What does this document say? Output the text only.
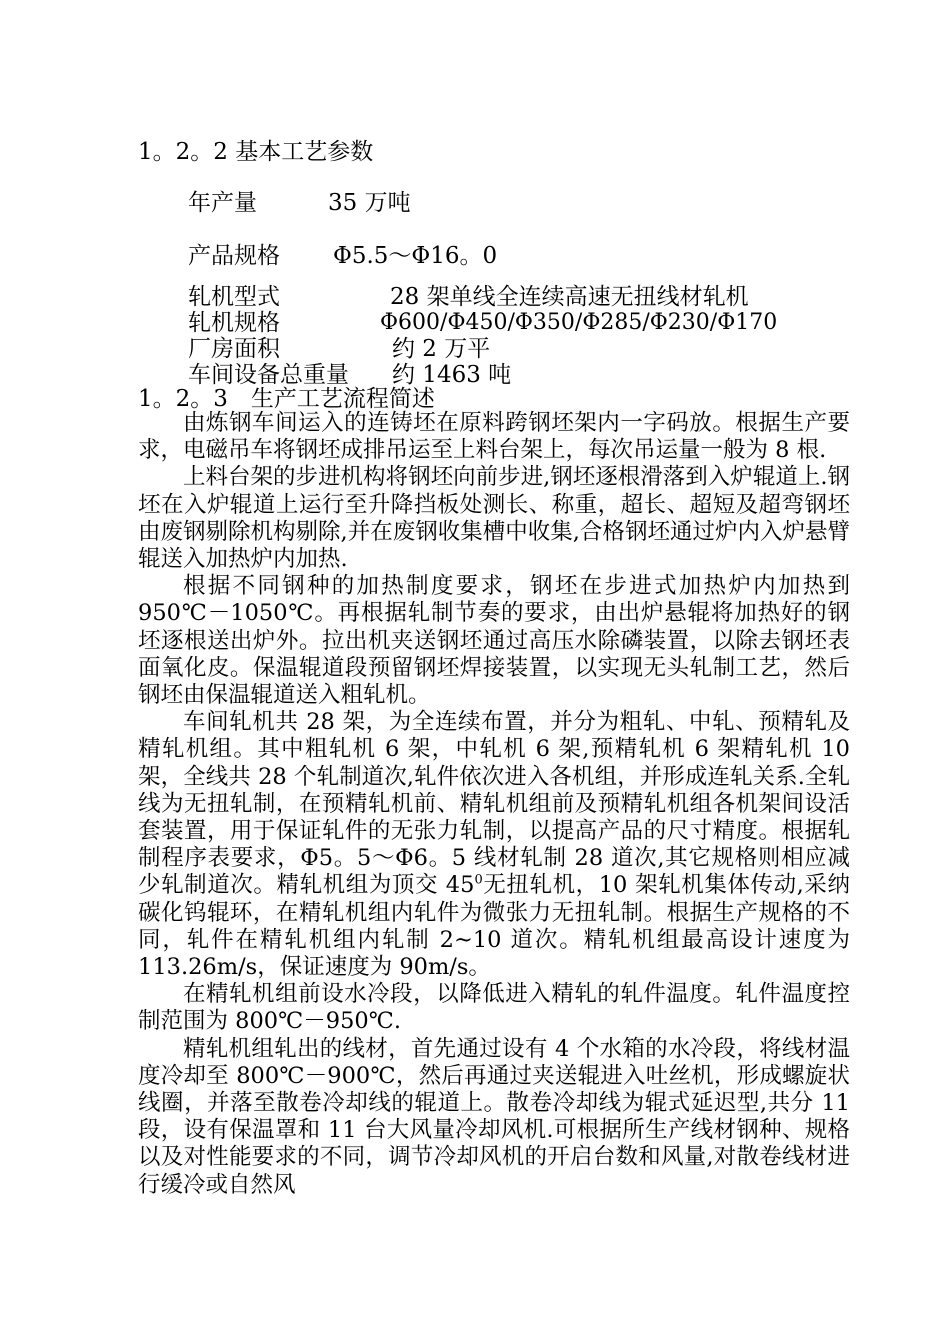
1。2。2 基本工艺参数
年产量	35 万吨
产品规格 Φ5.5～Φ16。0
轧机型式	28 架单线全连续高速无扭线材轧机
轧机规格	Φ600/Φ450/Φ350/Φ285/Φ230/Φ170
厂房面积	约 2 万平
车间设备总重量 约 1463 吨
1。2。3　生产工艺流程简述

由炼钢车间运入的连铸坯在原料跨钢坯架内一字码放。根据生产要求，电磁吊车将钢坯成排吊运至上料台架上，每次吊运量一般为 8 根.

上料台架的步进机构将钢坯向前步进,钢坯逐根滑落到入炉辊道上.钢坯在入炉辊道上运行至升降挡板处测长、称重，超长、超短及超弯钢坯由废钢剔除机构剔除,并在废钢收集槽中收集,合格钢坯通过炉内入炉悬臂辊送入加热炉内加热.

根据不同钢种的加热制度要求，钢坯在步进式加热炉内加热到 950℃－1050℃。再根据轧制节奏的要求，由出炉悬辊将加热好的钢坯逐根送出炉外。拉出机夹送钢坯通过高压水除磷装置，以除去钢坯表面氧化皮。保温辊道段预留钢坯焊接装置，以实现无头轧制工艺，然后钢坯由保温辊道送入粗轧机。

车间轧机共 28 架，为全连续布置，并分为粗轧、中轧、预精轧及精轧机组。其中粗轧机 6 架，中轧机 6 架,预精轧机 6 架精轧机 10 架，全线共 28 个轧制道次,轧件依次进入各机组，并形成连轧关系.全轧线为无扭轧制，在预精轧机前、精轧机组前及预精轧机组各机架间设活套装置，用于保证轧件的无张力轧制，以提高产品的尺寸精度。根据轧制程序表要求，Φ5。5～Φ6。5 线材轧制 28 道次,其它规格则相应减少轧制道次。精轧机组为顶交 $45^0$无扭轧机，10 架轧机集体传动,采纳碳化钨辊环，在精轧机组内轧件为微张力无扭轧制。根据生产规格的不同，轧件在精轧机组内轧制 2~10 道次。精轧机组最高设计速度为 113.26m/s，保证速度为 90m/s。

在精轧机组前设水冷段，以降低进入精轧的轧件温度。轧件温度控制范围为 800℃－950℃.

精轧机组轧出的线材，首先通过设有 4 个水箱的水冷段，将线材温度冷却至 800℃－900℃，然后再通过夹送辊进入吐丝机，形成螺旋状线圈，并落至散卷冷却线的辊道上。散卷冷却线为辊式延迟型,共分 11 段，设有保温罩和 11 台大风量冷却风机.可根据所生产线材钢种、规格以及对性能要求的不同，调节冷却风机的开启台数和风量,对散卷线材进行缓冷或自然风
